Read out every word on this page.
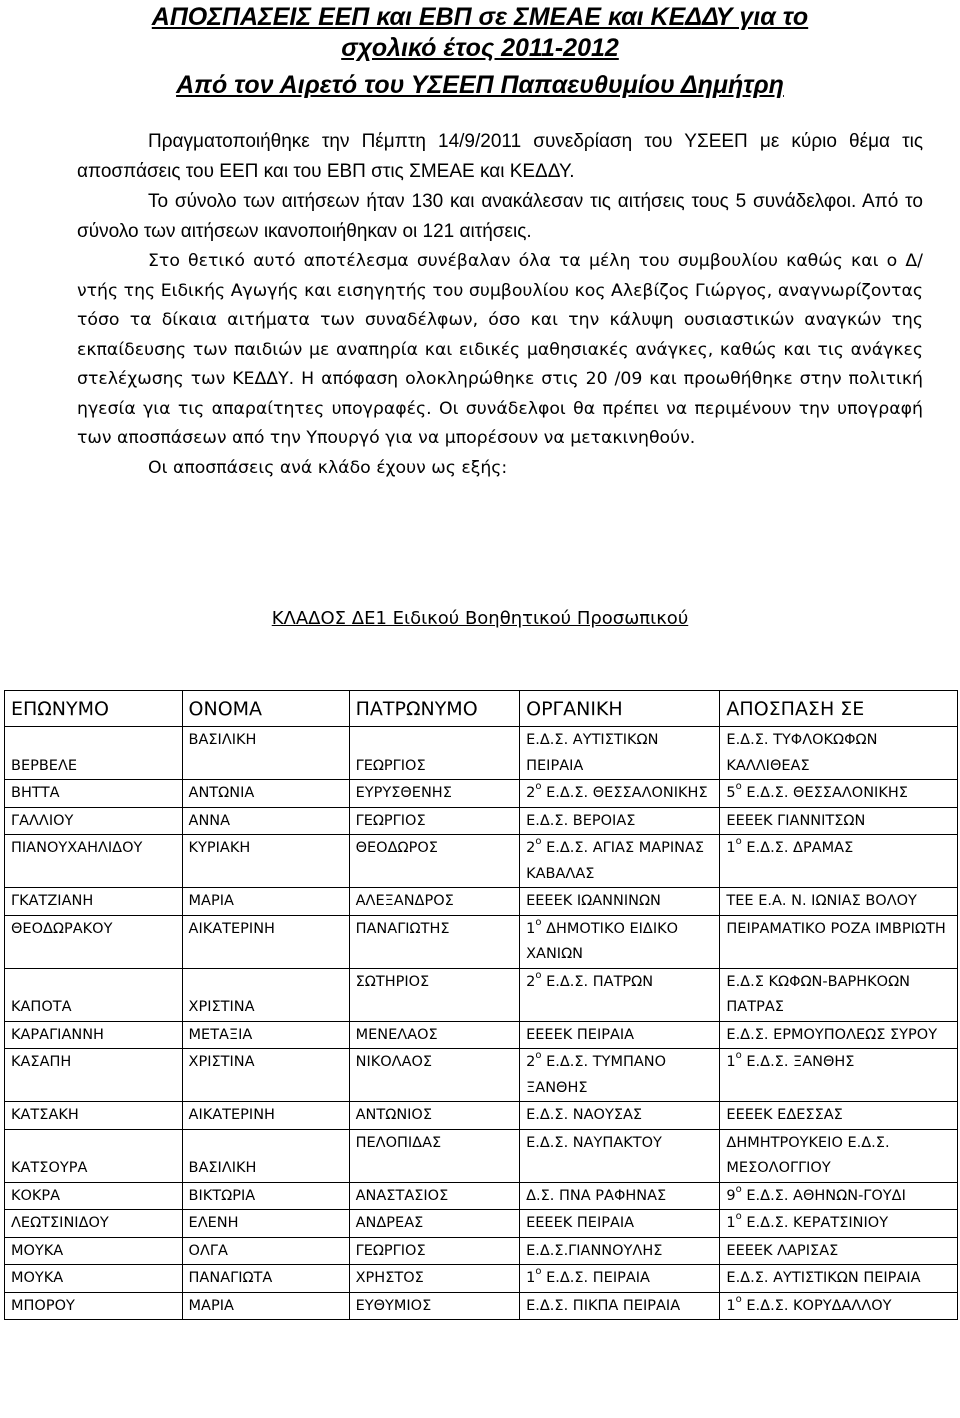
ΑΠΟΣΠΑΣΕΙΣ ΕΕΠ και ΕΒΠ σε ΣΜΕΑΕ και ΚΕΔΔΥ για το
σχολικό έτος 2011-2012
Από τον Αιρετό του ΥΣΕΕΠ Παπαευθυμίου Δημήτρη

Πραγματοποιήθηκε την Πέμπτη 14/9/2011 συνεδρίαση του ΥΣΕΕΠ με κύριο θέμα τις αποσπάσεις του ΕΕΠ και του ΕΒΠ στις ΣΜΕΑΕ και ΚΕΔΔΥ.
Το σύνολο των αιτήσεων ήταν 130 και ανακάλεσαν τις αιτήσεις τους 5 συνάδελφοι. Από το σύνολο των αιτήσεων ικανοποιήθηκαν οι 121 αιτήσεις.

Στο θετικό αυτό αποτέλεσμα συνέβαλαν όλα τα μέλη του συμβουλίου καθώς και ο Δ/ντής της Ειδικής Αγωγής και εισηγητής του συμβουλίου κος Αλεβίζος Γιώργος, αναγνωρίζοντας τόσο τα δίκαια αιτήματα των συναδέλφων, όσο και την κάλυψη ουσιαστικών αναγκών της εκπαίδευσης των παιδιών με αναπηρία και ειδικές μαθησιακές ανάγκες, καθώς και τις ανάγκες στελέχωσης των ΚΕΔΔΥ. Η απόφαση ολοκληρώθηκε στις 20 /09 και προωθήθηκε στην πολιτική ηγεσία για τις απαραίτητες υπογραφές. Οι συνάδελφοι θα πρέπει να περιμένουν την υπογραφή των αποσπάσεων από την Υπουργό για να μπορέσουν να μετακινηθούν.
Οι αποσπάσεις ανά κλάδο έχουν ως εξής:

ΚΛΑΔΟΣ ΔΕ1 Ειδικού Βοηθητικού Προσωπικού
ΕΠΩΝΥΜΟ	ΟΝΟΜΑ	ΠΑΤΡΩΝΥΜΟ	ΟΡΓΑΝΙΚΗ	ΑΠΟΣΠΑΣΗ ΣΕ
ΒΕΡΒΕΛΕ	ΒΑΣΙΛΙΚΗ	ΓΕΩΡΓΙΟΣ	Ε.Δ.Σ. ΑΥΤΙΣΤΙΚΩΝ ΠΕΙΡΑΙΑ	Ε.Δ.Σ. ΤΥΦΛΟΚΩΦΩΝ ΚΑΛΛΙΘΕΑΣ
ΒΗΤΤΑ	ΑΝΤΩΝΙΑ	ΕΥΡΥΣΘΕΝΗΣ	$2^o$ Ε.Δ.Σ. ΘΕΣΣΑΛΟΝΙΚΗΣ	$5^o$ Ε.Δ.Σ. ΘΕΣΣΑΛΟΝΙΚΗΣ
ΓΑΛΛΙΟΥ	ΑΝΝΑ	ΓΕΩΡΓΙΟΣ	Ε.Δ.Σ. ΒΕΡΟΙΑΣ	ΕΕΕΕΚ ΓΙΑΝΝΙΤΣΩΝ
ΠΙΑΝΟΥΧΑΗΛΙΔΟΥ	ΚΥΡΙΑΚΗ	ΘΕΟΔΩΡΟΣ	$2^o$ Ε.Δ.Σ. ΑΓΙΑΣ ΜΑΡΙΝΑΣ ΚΑΒΑΛΑΣ	$1^o$ Ε.Δ.Σ. ΔΡΑΜΑΣ
ΓΚΑΤΖΙΑΝΗ	ΜΑΡΙΑ	ΑΛΕΞΑΝΔΡΟΣ	ΕΕΕΕΚ ΙΩΑΝΝΙΝΩΝ	ΤΕΕ Ε.Α. Ν. ΙΩΝΙΑΣ ΒΟΛΟΥ
ΘΕΟΔΩΡΑΚΟΥ	ΑΙΚΑΤΕΡΙΝΗ	ΠΑΝΑΓΙΩΤΗΣ	$1^o$ ΔΗΜΟΤΙΚΟ ΕΙΔΙΚΟ ΧΑΝΙΩΝ	ΠΕΙΡΑΜΑΤΙΚΟ ΡΟΖΑ ΙΜΒΡΙΩΤΗ
ΚΑΠΟΤΑ	ΧΡΙΣΤΙΝΑ	ΣΩΤΗΡΙΟΣ	$2^o$ Ε.Δ.Σ. ΠΑΤΡΩΝ	Ε.Δ.Σ ΚΩΦΩΝ-ΒΑΡΗΚΟΩΝ ΠΑΤΡΑΣ
ΚΑΡΑΓΙΑΝΝΗ	ΜΕΤΑΞΙΑ	ΜΕΝΕΛΑΟΣ	ΕΕΕΕΚ ΠΕΙΡΑΙΑ	Ε.Δ.Σ. ΕΡΜΟΥΠΟΛΕΩΣ ΣΥΡΟΥ
ΚΑΣΑΠΗ	ΧΡΙΣΤΙΝΑ	ΝΙΚΟΛΑΟΣ	$2^o$ Ε.Δ.Σ. ΤΥΜΠΑΝΟ ΞΑΝΘΗΣ	$1^o$ Ε.Δ.Σ. ΞΑΝΘΗΣ
ΚΑΤΣΑΚΗ	ΑΙΚΑΤΕΡΙΝΗ	ΑΝΤΩΝΙΟΣ	Ε.Δ.Σ. ΝΑΟΥΣΑΣ	ΕΕΕΕΚ ΕΔΕΣΣΑΣ
ΚΑΤΣΟΥΡΑ	ΒΑΣΙΛΙΚΗ	ΠΕΛΟΠΙΔΑΣ	Ε.Δ.Σ. ΝΑΥΠΑΚΤΟΥ	ΔΗΜΗΤΡΟΥΚΕΙΟ Ε.Δ.Σ. ΜΕΣΟΛΟΓΓΙΟΥ
ΚΟΚΡΑ	ΒΙΚΤΩΡΙΑ	ΑΝΑΣΤΑΣΙΟΣ	Δ.Σ. ΠΝΑ ΡΑΦΗΝΑΣ	$9^o$ Ε.Δ.Σ. ΑΘΗΝΩΝ-ΓΟΥΔΙ
ΛΕΩΤΣΙΝΙΔΟΥ	ΕΛΕΝΗ	ΑΝΔΡΕΑΣ	ΕΕΕΕΚ ΠΕΙΡΑΙΑ	$1^o$ Ε.Δ.Σ. ΚΕΡΑΤΣΙΝΙΟΥ
ΜΟΥΚΑ	ΟΛΓΑ	ΓΕΩΡΓΙΟΣ	Ε.Δ.Σ.ΓΙΑΝΝΟΥΛΗΣ	ΕΕΕΕΚ ΛΑΡΙΣΑΣ
ΜΟΥΚΑ	ΠΑΝΑΓΙΩΤΑ	ΧΡΗΣΤΟΣ	$1^o$ Ε.Δ.Σ. ΠΕΙΡΑΙΑ	Ε.Δ.Σ. ΑΥΤΙΣΤΙΚΩΝ ΠΕΙΡΑΙΑ
ΜΠΟΡΟΥ	ΜΑΡΙΑ	ΕΥΘΥΜΙΟΣ	Ε.Δ.Σ. ΠΙΚΠΑ ΠΕΙΡΑΙΑ	$1^o$ Ε.Δ.Σ. ΚΟΡΥΔΑΛΛΟΥ
